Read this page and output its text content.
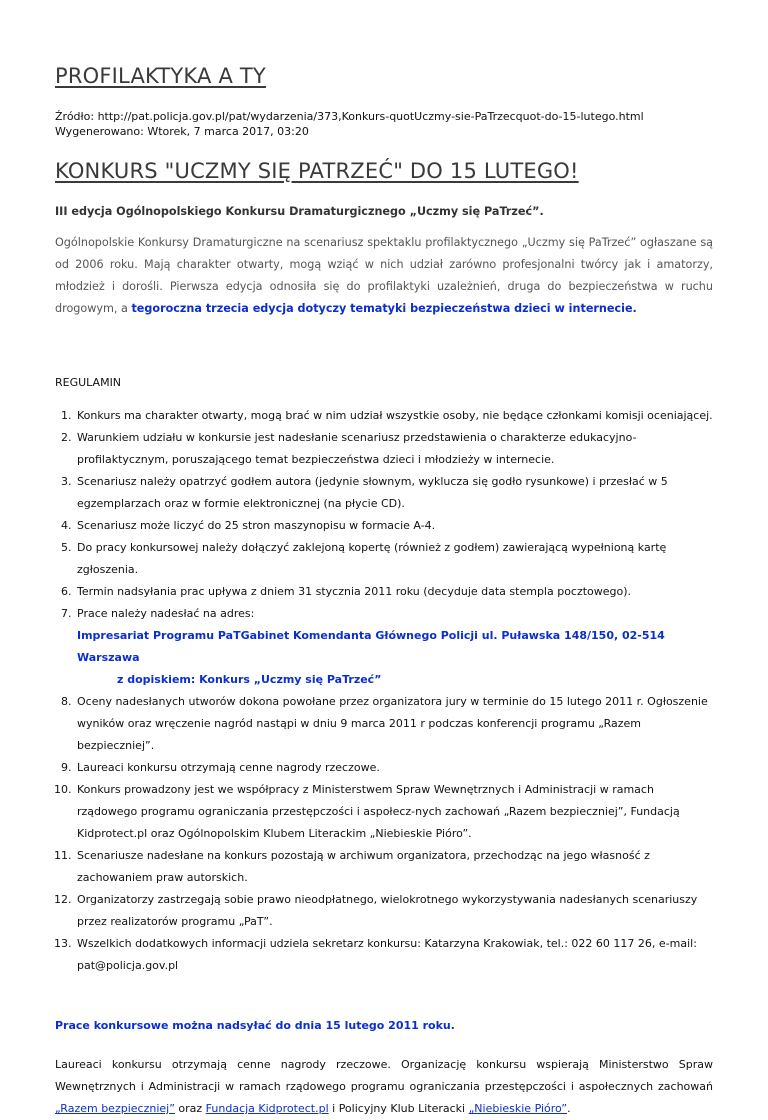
PROFILAKTYKA A TY
Źródło: http://pat.policja.gov.pl/pat/wydarzenia/373,Konkurs-quotUczmy-sie-PaTrzecquot-do-15-lutego.html
Wygenerowano: Wtorek, 7 marca 2017, 03:20
KONKURS "UCZMY SIĘ PATRZEĆ" DO 15 LUTEGO!
III edycja Ogólnopolskiego Konkursu Dramaturgicznego „Uczmy się PaTrzeć”.

Ogólnopolskie Konkursy Dramaturgiczne na scenariusz spektaklu profilaktycznego „Uczmy się PaTrzeć” ogłaszane są od 2006 roku. Mają charakter otwarty, mogą wziąć w nich udział zarówno profesjonalni twórcy jak i amatorzy, młodzież i dorośli. Pierwsza edycja odnosiła się do profilaktyki uzależnień, druga do bezpieczeństwa w ruchu drogowym, a tegoroczna trzecia edycja dotyczy tematyki bezpieczeństwa dzieci w internecie.

REGULAMIN
1. Konkurs ma charakter otwarty, mogą brać w nim udział wszystkie osoby, nie będące członkami komisji oceniającej.
2. Warunkiem udziału w konkursie jest nadesłanie scenariusz przedstawienia o charakterze edukacyjno-profilaktycznym, poruszającego temat bezpieczeństwa dzieci i młodzieży w internecie.
3. Scenariusz należy opatrzyć godłem autora (jedynie słownym, wyklucza się godło rysunkowe) i przesłać w 5 egzemplarzach oraz w formie elektronicznej (na płycie CD).
4. Scenariusz może liczyć do 25 stron maszynopisu w formacie A-4.
5. Do pracy konkursowej należy dołączyć zaklejoną kopertę (również z godłem) zawierającą wypełnioną kartę zgłoszenia.
6. Termin nadsyłania prac upływa z dniem 31 stycznia 2011 roku (decyduje data stempla pocztowego).
7. Prace należy nadesłać na adres:
Impresariat Programu PaTGabinet Komendanta Głównego Policji ul. Puławska 148/150, 02-514 Warszawa
z dopiskiem: Konkurs „Uczmy się PaTrzeć”
8. Oceny nadesłanych utworów dokona powołane przez organizatora jury w terminie do 15 lutego 2011 r. Ogłoszenie wyników oraz wręczenie nagród nastąpi w dniu 9 marca 2011 r podczas konferencji programu „Razem bezpieczniej”.
9. Laureaci konkursu otrzymają cenne nagrody rzeczowe.
10. Konkurs prowadzony jest we współpracy z Ministerstwem Spraw Wewnętrznych i Administracji w ramach rządowego programu ograniczania przestępczości i aspołecz-nych zachowań „Razem bezpieczniej”, Fundacją Kidprotect.pl oraz Ogólnopolskim Klubem Literackim „Niebieskie Pióro”.
11. Scenariusze nadesłane na konkurs pozostają w archiwum organizatora, przechodząc na jego własność z zachowaniem praw autorskich.
12. Organizatorzy zastrzegają sobie prawo nieodpłatnego, wielokrotnego wykorzystywania nadesłanych scenariuszy przez realizatorów programu „PaT”.
13. Wszelkich dodatkowych informacji udziela sekretarz konkursu: Katarzyna Krakowiak, tel.: 022 60 117 26, e-mail: pat@policja.gov.pl
Prace konkursowe można nadsyłać do dnia 15 lutego 2011 roku.

Laureaci konkursu otrzymają cenne nagrody rzeczowe. Organizację konkursu wspierają Ministerstwo Spraw Wewnętrznych i Administracji w ramach rządowego programu ograniczania przestępczości i aspołecznych zachowań „Razem bezpieczniej” oraz Fundacja Kidprotect.pl i Policyjny Klub Literacki „Niebieskie Pióro”.
